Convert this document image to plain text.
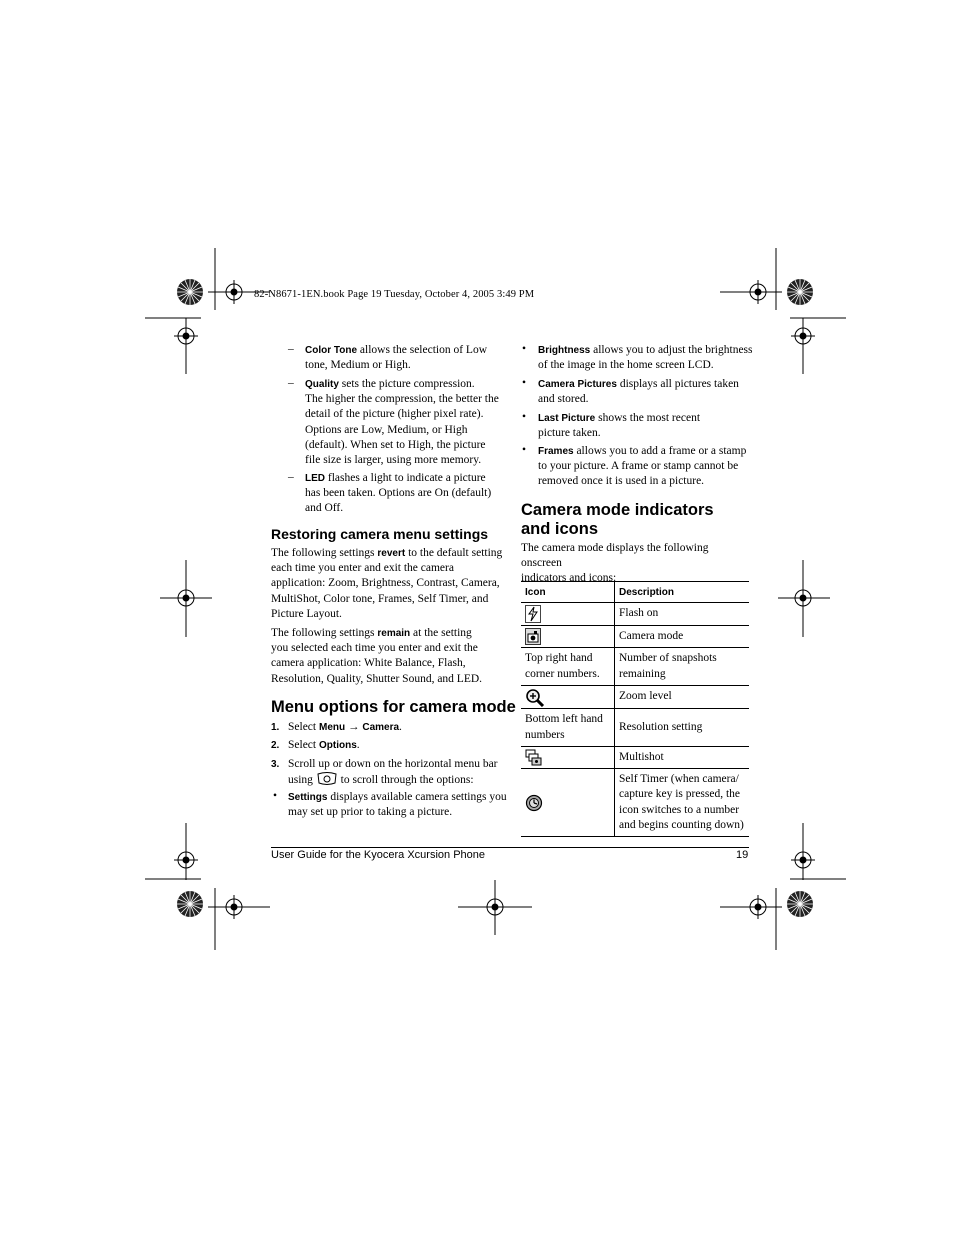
82-N8671-1EN.book Page 19 Tuesday, October 4, 2005 3:49 PM
– Color Tone allows the selection of Low
tone, Medium or High.
– Quality sets the picture compression.
The higher the compression, the better the
detail of the picture (higher pixel rate).
Options are Low, Medium, or High
(default). When set to High, the picture
file size is larger, using more memory.
– LED flashes a light to indicate a picture
has been taken. Options are On (default)
and Off.
Restoring camera menu settings
The following settings revert to the default setting
each time you enter and exit the camera
application: Zoom, Brightness, Contrast, Camera,
MultiShot, Color tone, Frames, Self Timer, and
Picture Layout.
The following settings remain at the setting
you selected each time you enter and exit the
camera application: White Balance, Flash,
Resolution, Quality, Shutter Sound, and LED.
Menu options for camera mode
1. Select Menu → Camera.
2. Select Options.
3. Scroll up or down on the horizontal menu bar
using  to scroll through the options:
• Settings displays available camera settings you
may set up prior to taking a picture.
• Brightness allows you to adjust the brightness
of the image in the home screen LCD.
• Camera Pictures displays all pictures taken
and stored.
• Last Picture shows the most recent
picture taken.
• Frames allows you to add a frame or a stamp
to your picture. A frame or stamp cannot be
removed once it is used in a picture.
Camera mode indicators
and icons
The camera mode displays the following onscreen
indicators and icons:
Icon	Description

	Flash on

	Camera mode
Top right hand corner numbers.	Number of snapshots remaining

	Zoom level
Bottom left hand numbers	Resolution setting

	Multishot

	Self Timer (when camera/ capture key is pressed, the icon switches to a number and begins counting down)
User Guide for the Kyocera Xcursion Phone	19
